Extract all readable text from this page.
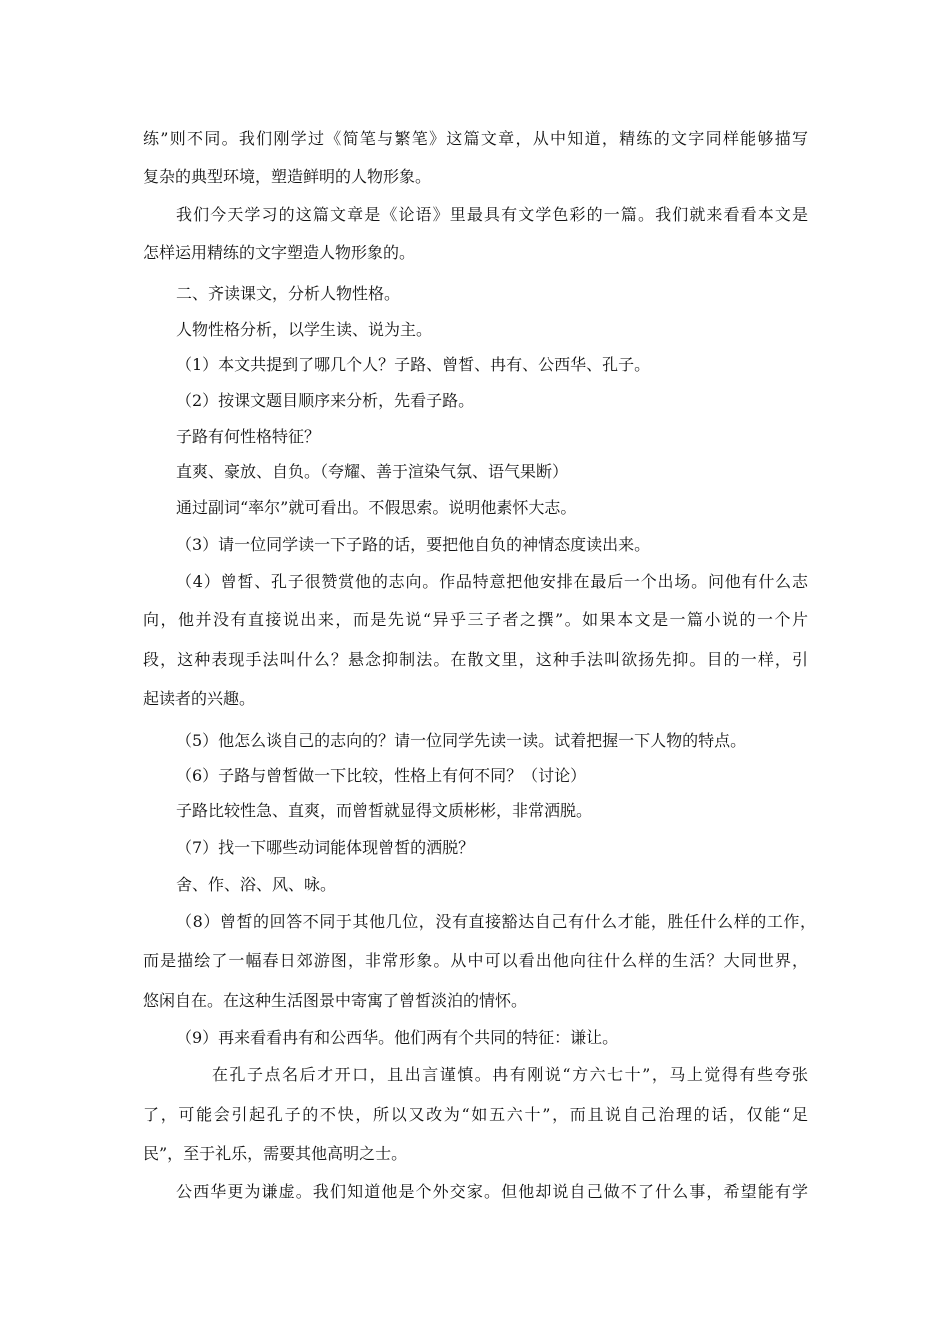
练”则不同。我们刚学过《简笔与繁笔》这篇文章，从中知道，精练的文字同样能够描写

复杂的典型环境，塑造鲜明的人物形象。

我们今天学习的这篇文章是《论语》里最具有文学色彩的一篇。我们就来看看本文是

怎样运用精练的文字塑造人物形象的。

二、齐读课文，分析人物性格。

人物性格分析，以学生读、说为主。

（1）本文共提到了哪几个人？子路、曾皙、冉有、公西华、孔子。

（2）按课文题目顺序来分析，先看子路。

子路有何性格特征？

直爽、豪放、自负。（夸耀、善于渲染气氛、语气果断）

通过副词“率尔”就可看出。不假思索。说明他素怀大志。

（3）请一位同学读一下子路的话，要把他自负的神情态度读出来。

（4）曾皙、孔子很赞赏他的志向。作品特意把他安排在最后一个出场。问他有什么志

向，他并没有直接说出来，而是先说“异乎三子者之撰”。如果本文是一篇小说的一个片

段，这种表现手法叫什么？悬念抑制法。在散文里，这种手法叫欲扬先抑。目的一样，引

起读者的兴趣。

（5）他怎么谈自己的志向的？请一位同学先读一读。试着把握一下人物的特点。

（6）子路与曾皙做一下比较，性格上有何不同？（讨论）

子路比较性急、直爽，而曾皙就显得文质彬彬，非常洒脱。

（7）找一下哪些动词能体现曾皙的洒脱？

舍、作、浴、风、咏。

（8）曾皙的回答不同于其他几位，没有直接豁达自己有什么才能，胜任什么样的工作，

而是描绘了一幅春日郊游图，非常形象。从中可以看出他向往什么样的生活？大同世界，

悠闲自在。在这种生活图景中寄寓了曾皙淡泊的情怀。

（9）再来看看冉有和公西华。他们两有个共同的特征：谦让。

在孔子点名后才开口，且出言谨慎。冉有刚说“方六七十”，马上觉得有些夸张

了，可能会引起孔子的不快，所以又改为“如五六十”，而且说自己治理的话，仅能“足

民”，至于礼乐，需要其他高明之士。

公西华更为谦虚。我们知道他是个外交家。但他却说自己做不了什么事，希望能有学
